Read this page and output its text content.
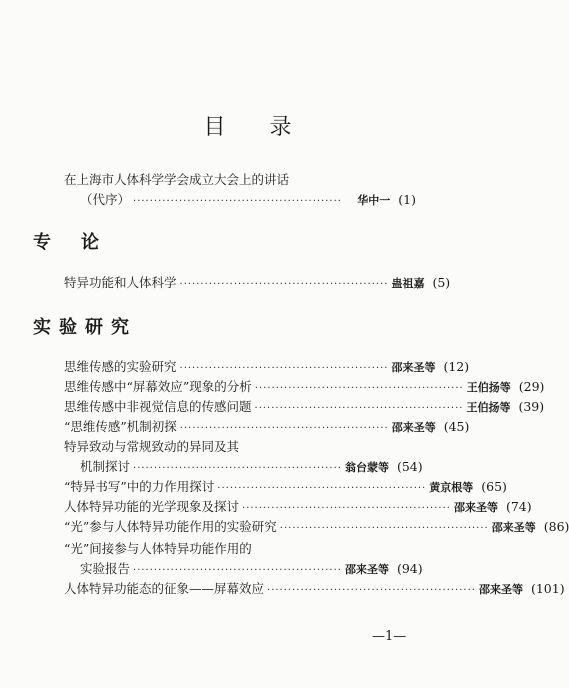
目 录
在上海市人体科学学会成立大会上的讲话
（代序） ··················································	华中一 (1)
专 论
特异功能和人体科学 ·················································· 蛊祖嘉 (5)
实验研究
思维传感的实验研究 ·················································· 邵来圣等 (12)
思维传感中“屏幕效应”现象的分析 ·················································· 王伯扬等 (29)
思维传感中非视觉信息的传感问题 ·················································· 王伯扬等 (39)
“思维传感”机制初探 ·················································· 邵来圣等 (45)
特异致动与常规致动的异同及其
机制探讨 ·················································· 翁台蒙等 (54)
“特异书写”中的力作用探讨 ·················································· 黄京根等 (65)
人体特异功能的光学现象及探讨 ·················································· 邵来圣等 (74)
“光”参与人体特异功能作用的实验研究 ·················································· 邵来圣等 (86)
“光”间接参与人体特异功能作用的
实验报告 ·················································· 邵来圣等 (94)
人体特异功能态的征象——屏幕效应 ·················································· 邵来圣等 (101)
—1—
